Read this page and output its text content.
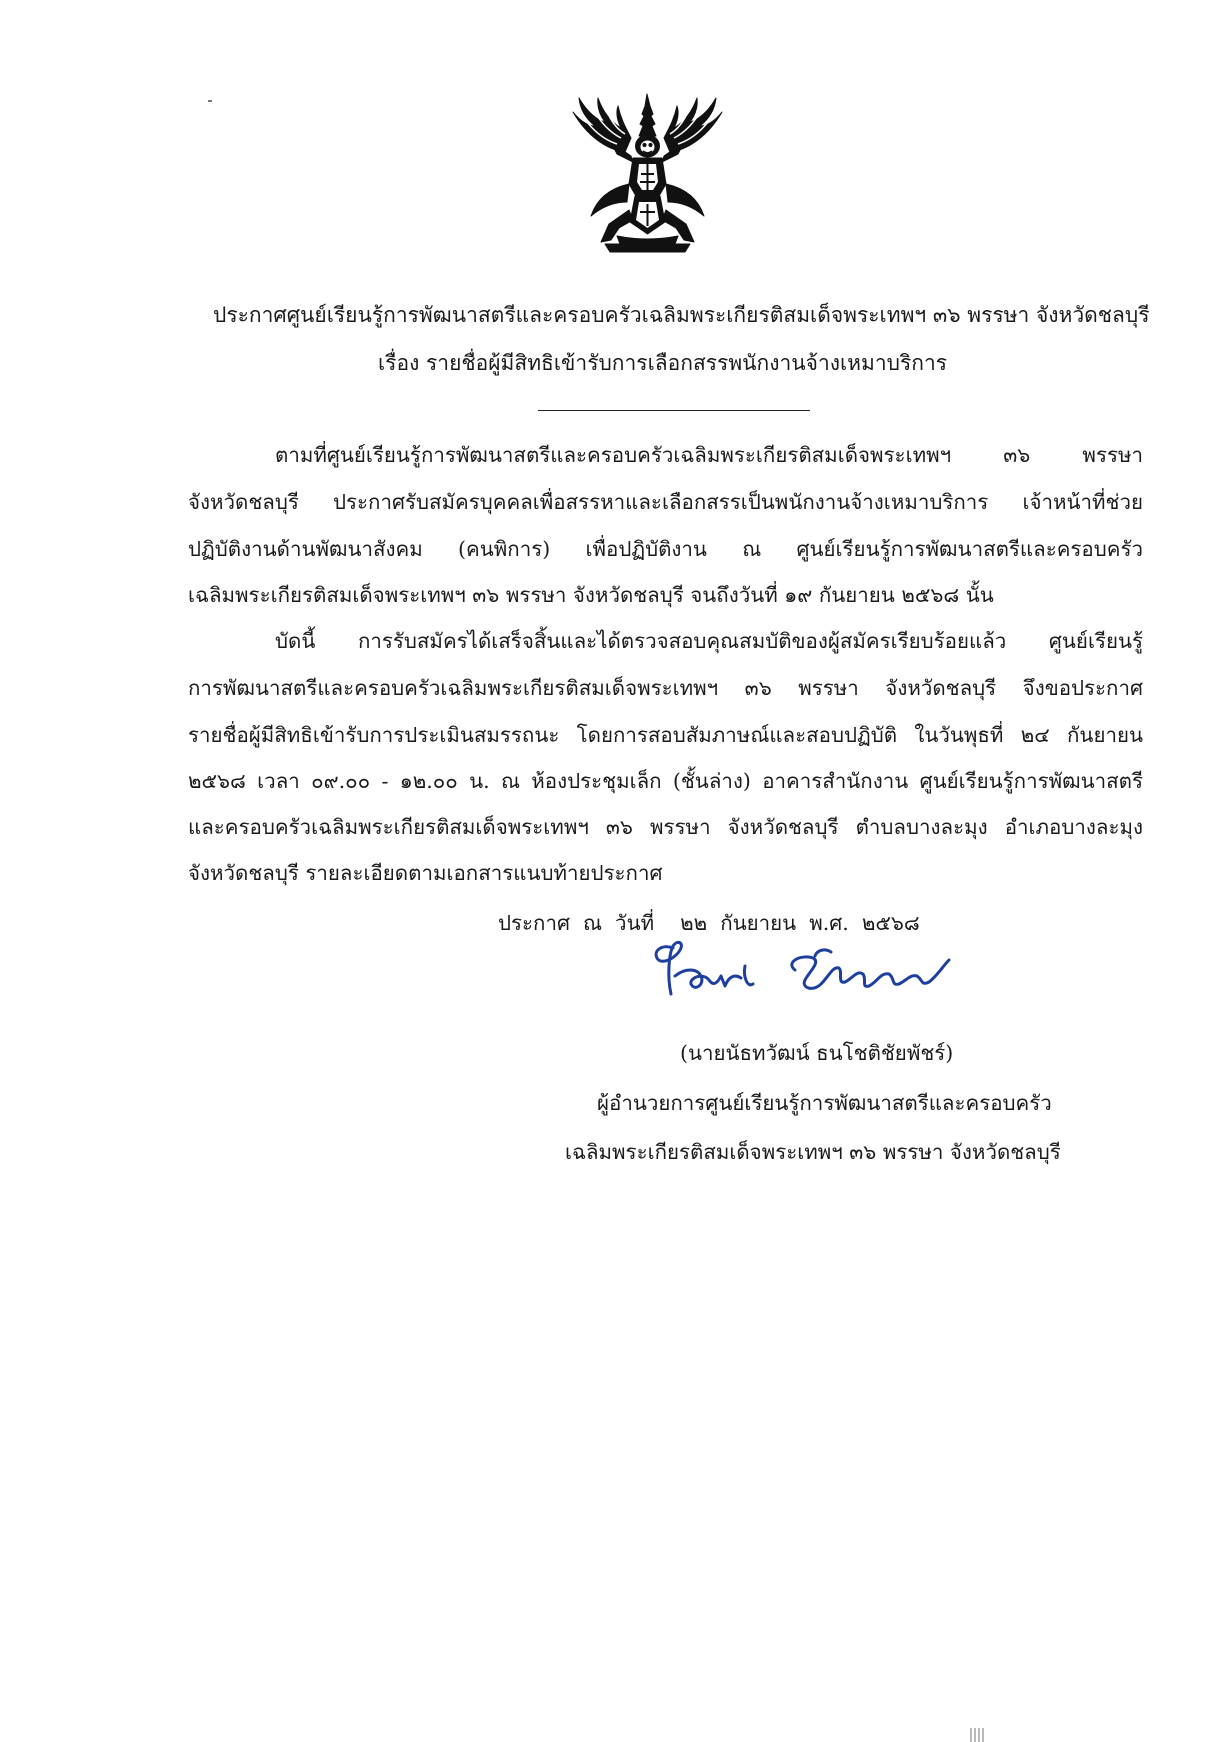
ประกาศศูนย์เรียนรู้การพัฒนาสตรีและครอบครัวเฉลิมพระเกียรติสมเด็จพระเทพฯ ๓๖ พรรษา จังหวัดชลบุรี
เรื่อง รายชื่อผู้มีสิทธิเข้ารับการเลือกสรรพนักงานจ้างเหมาบริการ
ตามที่ศูนย์เรียนรู้การพัฒนาสตรีและครอบครัวเฉลิมพระเกียรติสมเด็จพระเทพฯ ๓๖ พรรษา
จังหวัดชลบุรี ประกาศรับสมัครบุคคลเพื่อสรรหาและเลือกสรรเป็นพนักงานจ้างเหมาบริการ เจ้าหน้าที่ช่วย
ปฏิบัติงานด้านพัฒนาสังคม (คนพิการ) เพื่อปฏิบัติงาน ณ ศูนย์เรียนรู้การพัฒนาสตรีและครอบครัว
เฉลิมพระเกียรติสมเด็จพระเทพฯ ๓๖ พรรษา จังหวัดชลบุรี จนถึงวันที่ ๑๙ กันยายน ๒๕๖๘ นั้น
บัดนี้ การรับสมัครได้เสร็จสิ้นและได้ตรวจสอบคุณสมบัติของผู้สมัครเรียบร้อยแล้ว ศูนย์เรียนรู้
การพัฒนาสตรีและครอบครัวเฉลิมพระเกียรติสมเด็จพระเทพฯ ๓๖ พรรษา จังหวัดชลบุรี จึงขอประกาศ
รายชื่อผู้มีสิทธิเข้ารับการประเมินสมรรถนะ โดยการสอบสัมภาษณ์และสอบปฏิบัติ ในวันพุธที่ ๒๔ กันยายน
๒๕๖๘ เวลา ๐๙.๐๐ - ๑๒.๐๐ น. ณ ห้องประชุมเล็ก (ชั้นล่าง) อาคารสำนักงาน ศูนย์เรียนรู้การพัฒนาสตรี
และครอบครัวเฉลิมพระเกียรติสมเด็จพระเทพฯ ๓๖ พรรษา จังหวัดชลบุรี ตำบลบางละมุง อำเภอบางละมุง
จังหวัดชลบุรี รายละเอียดตามเอกสารแนบท้ายประกาศ
ประกาศ  ณ  วันที่    ๒๒  กันยายน  พ.ศ.  ๒๕๖๘
(นายนัธทวัฒน์ ธนโชติชัยพัชร์)
ผู้อำนวยการศูนย์เรียนรู้การพัฒนาสตรีและครอบครัว
เฉลิมพระเกียรติสมเด็จพระเทพฯ ๓๖ พรรษา จังหวัดชลบุรี
